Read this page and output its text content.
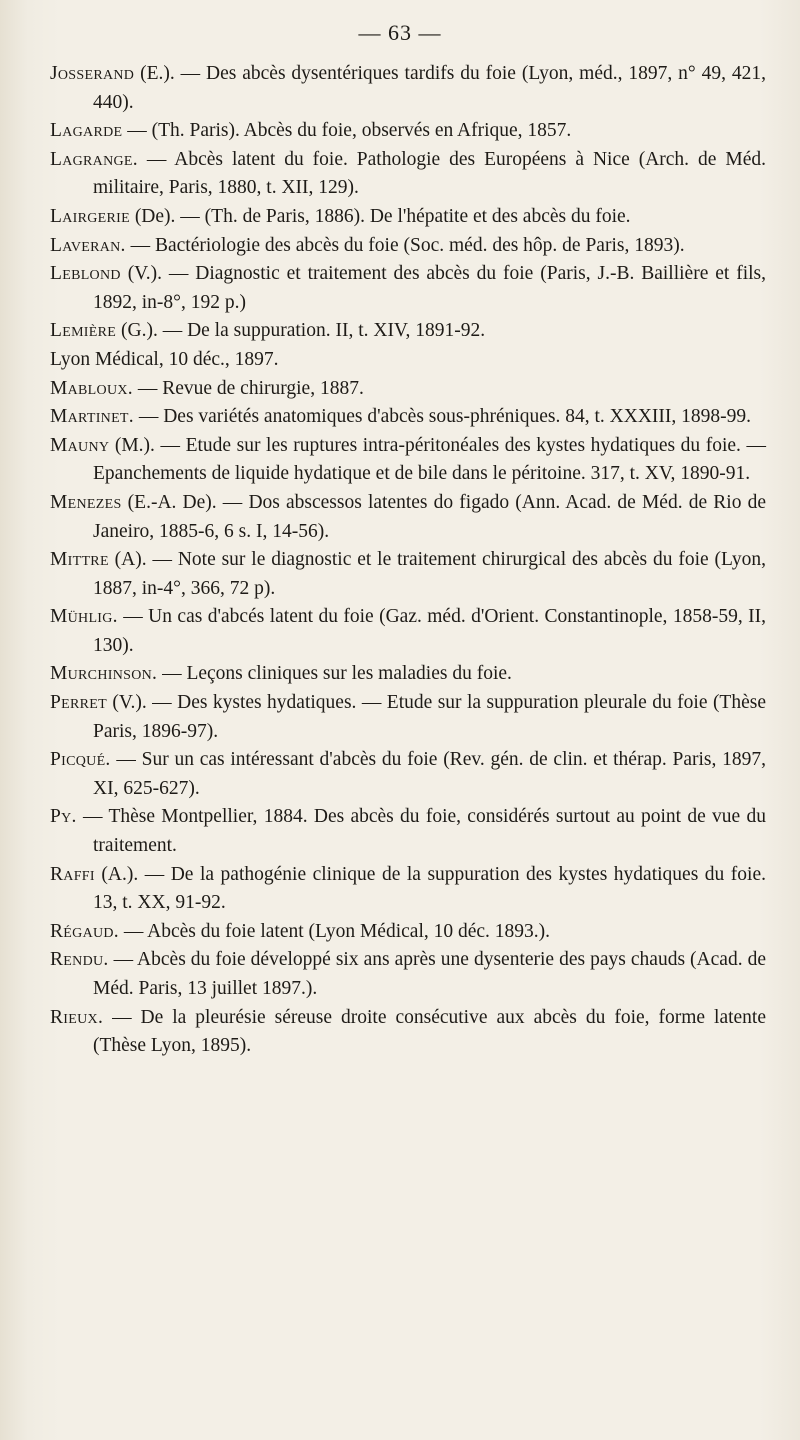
— 63 —

Josserand (E.). — Des abcès dysentériques tardifs du foie (Lyon, méd., 1897, n° 49, 421, 440).

Lagarde — (Th. Paris). Abcès du foie, observés en Afrique, 1857.

Lagrange. — Abcès latent du foie. Pathologie des Européens à Nice (Arch. de Méd. militaire, Paris, 1880, t. XII, 129).

Lairgerie (De). — (Th. de Paris, 1886). De l'hépatite et des abcès du foie.

Laveran. — Bactériologie des abcès du foie (Soc. méd. des hôp. de Paris, 1893).

Leblond (V.). — Diagnostic et traitement des abcès du foie (Paris, J.-B. Baillière et fils, 1892, in-8°, 192 p.)

Lemière (G.). — De la suppuration. II, t. XIV, 1891-92.

Lyon Médical, 10 déc., 1897.

Mabloux. — Revue de chirurgie, 1887.

Martinet. — Des variétés anatomiques d'abcès sous-phréniques. 84, t. XXXIII, 1898-99.

Mauny (M.). — Etude sur les ruptures intra-péritonéales des kystes hydatiques du foie. — Epanchements de liquide hydatique et de bile dans le péritoine. 317, t. XV, 1890-91.

Menezes (E.-A. De). — Dos abscessos latentes do figado (Ann. Acad. de Méd. de Rio de Janeiro, 1885-6, 6 s. I, 14-56).

Mittre (A). — Note sur le diagnostic et le traitement chirurgical des abcès du foie (Lyon, 1887, in-4°, 366, 72 p).

Mühlig. — Un cas d'abcés latent du foie (Gaz. méd. d'Orient. Constantinople, 1858-59, II, 130).

Murchinson. — Leçons cliniques sur les maladies du foie.

Perret (V.). — Des kystes hydatiques. — Etude sur la suppuration pleurale du foie (Thèse Paris, 1896-97).

Picqué. — Sur un cas intéressant d'abcès du foie (Rev. gén. de clin. et thérap. Paris, 1897, XI, 625-627).

Py. — Thèse Montpellier, 1884. Des abcès du foie, considérés surtout au point de vue du traitement.

Raffi (A.). — De la pathogénie clinique de la suppuration des kystes hydatiques du foie. 13, t. XX, 91-92.

Régaud. — Abcès du foie latent (Lyon Médical, 10 déc. 1893.).

Rendu. — Abcès du foie développé six ans après une dysenterie des pays chauds (Acad. de Méd. Paris, 13 juillet 1897.).

Rieux. — De la pleurésie séreuse droite consécutive aux abcès du foie, forme latente (Thèse Lyon, 1895).
